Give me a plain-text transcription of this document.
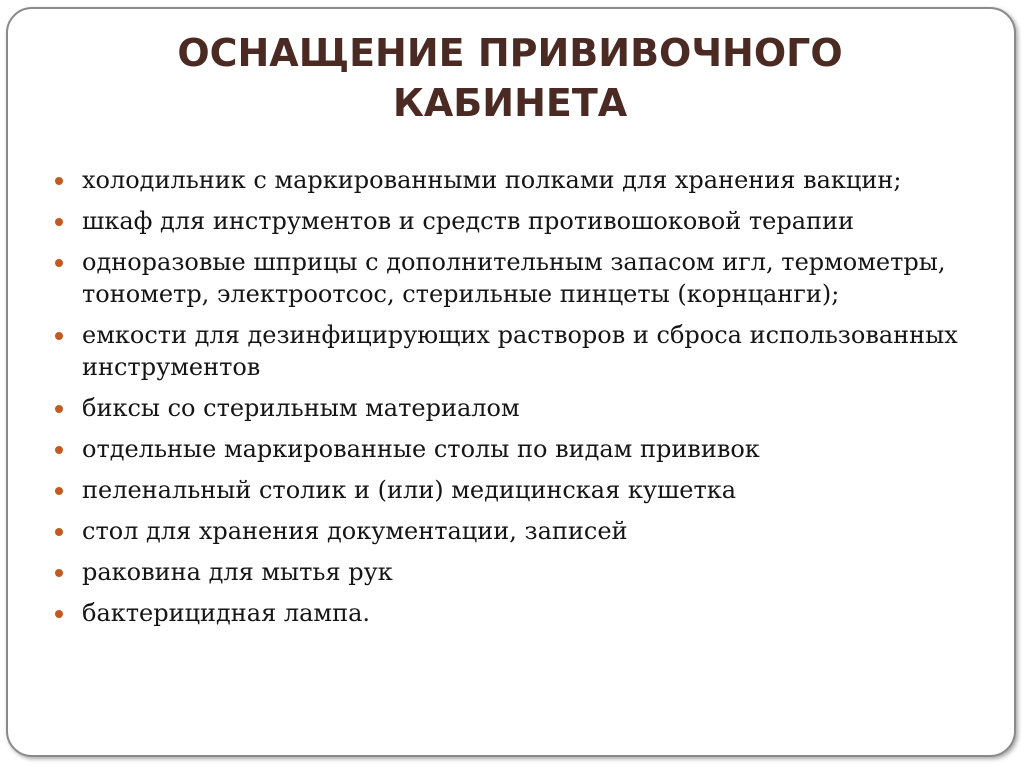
ОСНАЩЕНИЕ ПРИВИВОЧНОГО
КАБИНЕТА
холодильник с маркированными полками для хранения вакцин;
шкаф для инструментов и средств противошоковой терапии
одноразовые шприцы с дополнительным запасом игл, термометры, тонометр, электроотсос, стерильные пинцеты (корнцанги);
емкости для дезинфицирующих растворов и сброса использованных инструментов
биксы со стерильным материалом
отдельные маркированные столы по видам прививок
пеленальный столик и (или) медицинская кушетка
стол для хранения документации, записей
раковина для мытья рук
бактерицидная лампа.
